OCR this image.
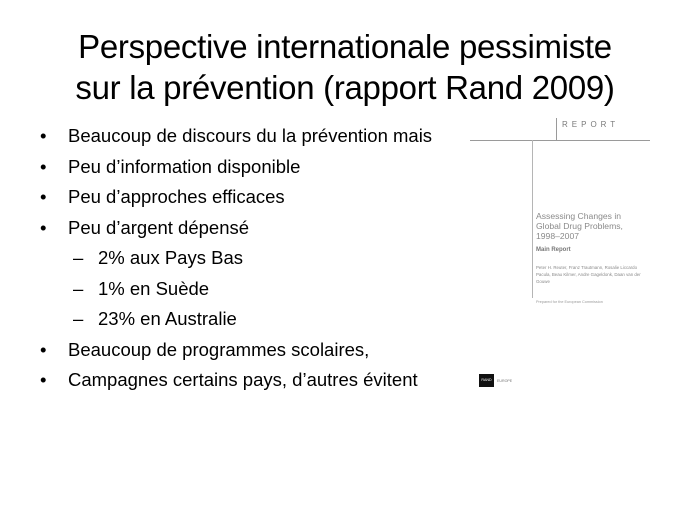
Perspective internationale pessimiste
sur la prévention (rapport Rand 2009)
• Beaucoup de discours du la prévention mais
• Peu d’information disponible
• Peu d’approches efficaces
• Peu d’argent dépensé
– 2% aux Pays Bas
– 1% en Suède
– 23% en Australie
• Beaucoup de programmes scolaires,
• Campagnes certains pays, d’autres évitent
REPORT
Assessing Changes in Global Drug Problems, 1998–2007
Main Report
Peter H. Reuter, Franz Trautmann, Rosalie Liccardo Pacula, Beau Kilmer, Andre Gageldonk, Daan van der Gouwe
Prepared for the European Commission
RAND	EUROPE
